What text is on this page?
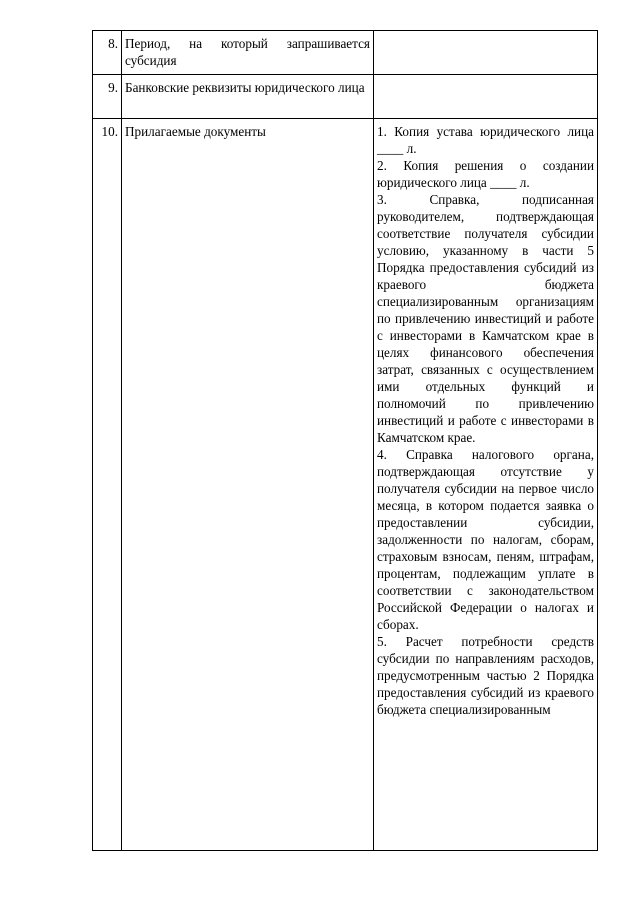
8.	Период, на который запрашивается субсидия	
9.	Банковские реквизиты юридического лица	
10.	Прилагаемые документы	1. Копия устава юридического лица ____ л.
2. Копия решения о создании юридического лица ____ л.
3. Справка, подписанная руководителем, подтверждающая соответствие получателя субсидии условию, указанному в части 5 Порядка предоставления субсидий из краевого бюджета специализированным организациям по привлечению инвестиций и работе с инвесторами в Камчатском крае в целях финансового обеспечения затрат, связанных с осуществлением ими отдельных функций и полномочий по привлечению инвестиций и работе с инвесторами в Камчатском крае.
4. Справка налогового органа, подтверждающая отсутствие у получателя субсидии на первое число месяца, в котором подается заявка о предоставлении субсидии, задолженности по налогам, сборам, страховым взносам, пеням, штрафам, процентам, подлежащим уплате в соответствии с законодательством Российской Федерации о налогах и сборах.
5. Расчет потребности средств субсидии по направлениям расходов, предусмотренным частью 2 Порядка предоставления субсидий из краевого бюджета специализированным
